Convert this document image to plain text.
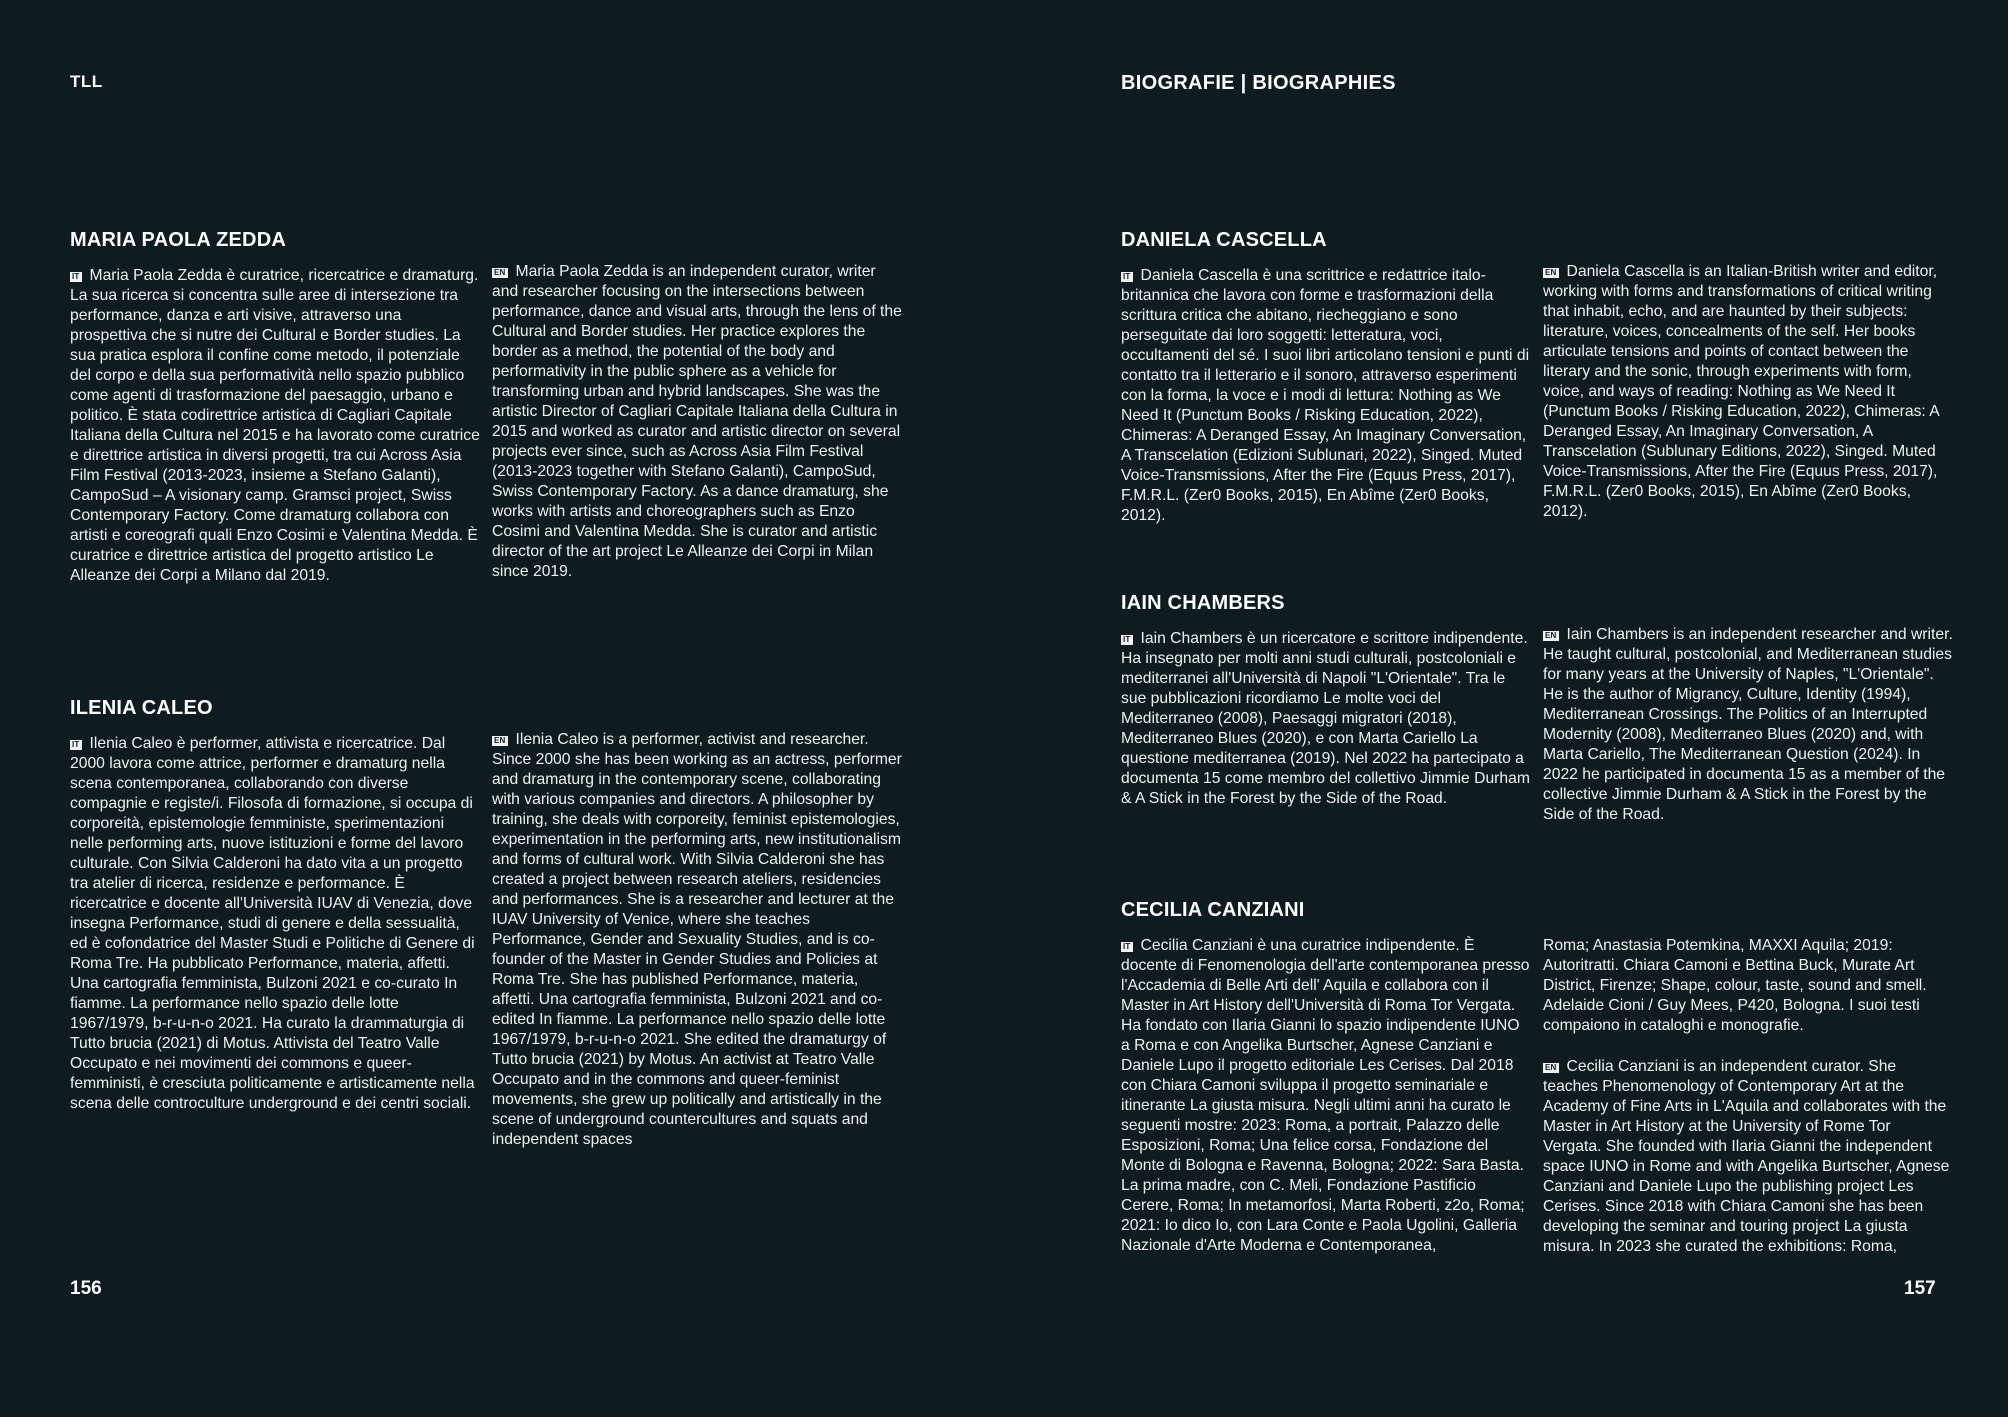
TLL	BIOGRAFIE | BIOGRAPHIES
MARIA PAOLA ZEDDA

IT Maria Paola Zedda è curatrice, ricercatrice e dramaturg. La sua ricerca si concentra sulle aree di intersezione tra performance, danza e arti visive, attraverso una prospettiva che si nutre dei Cultural e Border studies. La sua pratica esplora il confine come metodo, il potenziale del corpo e della sua performatività nello spazio pubblico come agenti di trasformazione del paesaggio, urbano e politico. È stata codirettrice artistica di Cagliari Capitale Italiana della Cultura nel 2015 e ha lavorato come curatrice e direttrice artistica in diversi progetti, tra cui Across Asia Film Festival (2013-2023, insieme a Stefano Galanti), CampoSud – A visionary camp. Gramsci project, Swiss Contemporary Factory. Come dramaturg collabora con artisti e coreografi quali Enzo Cosimi e Valentina Medda. È curatrice e direttrice artistica del progetto artistico Le Alleanze dei Corpi a Milano dal 2019.

EN Maria Paola Zedda is an independent curator, writer and researcher focusing on the intersections between performance, dance and visual arts, through the lens of the Cultural and Border studies. Her practice explores the border as a method, the potential of the body and performativity in the public sphere as a vehicle for transforming urban and hybrid landscapes. She was the artistic Director of Cagliari Capitale Italiana della Cultura in 2015 and worked as curator and artistic director on several projects ever since, such as Across Asia Film Festival (2013-2023 together with Stefano Galanti), CampoSud, Swiss Contemporary Factory. As a dance dramaturg, she works with artists and choreographers such as Enzo Cosimi and Valentina Medda. She is curator and artistic director of the art project Le Alleanze dei Corpi in Milan since 2019.

ILENIA CALEO

IT Ilenia Caleo è performer, attivista e ricercatrice. Dal 2000 lavora come attrice, performer e dramaturg nella scena contemporanea, collaborando con diverse compagnie e registe/i. Filosofa di formazione, si occupa di corporeità, epistemologie femministe, sperimentazioni nelle performing arts, nuove istituzioni e forme del lavoro culturale. Con Silvia Calderoni ha dato vita a un progetto tra atelier di ricerca, residenze e performance. È ricercatrice e docente all'Università IUAV di Venezia, dove insegna Performance, studi di genere e della sessualità, ed è cofondatrice del Master Studi e Politiche di Genere di Roma Tre. Ha pubblicato Performance, materia, affetti. Una cartografia femminista, Bulzoni 2021 e co-curato In fiamme. La performance nello spazio delle lotte 1967/1979, b-r-u-n-o 2021. Ha curato la drammaturgia di Tutto brucia (2021) di Motus. Attivista del Teatro Valle Occupato e nei movimenti dei commons e queer-femministi, è cresciuta politicamente e artisticamente nella scena delle controculture underground e dei centri sociali.

EN Ilenia Caleo is a performer, activist and researcher. Since 2000 she has been working as an actress, performer and dramaturg in the contemporary scene, collaborating with various companies and directors. A philosopher by training, she deals with corporeity, feminist epistemologies, experimentation in the performing arts, new institutionalism and forms of cultural work. With Silvia Calderoni she has created a project between research ateliers, residencies and performances. She is a researcher and lecturer at the IUAV University of Venice, where she teaches Performance, Gender and Sexuality Studies, and is co-founder of the Master in Gender Studies and Policies at Roma Tre. She has published Performance, materia, affetti. Una cartografia femminista, Bulzoni 2021 and co-edited In fiamme. La performance nello spazio delle lotte 1967/1979, b-r-u-n-o 2021. She edited the dramaturgy of Tutto brucia (2021) by Motus. An activist at Teatro Valle Occupato and in the commons and queer-feminist movements, she grew up politically and artistically in the scene of underground countercultures and squats and independent spaces

156
DANIELA CASCELLA

IT Daniela Cascella è una scrittrice e redattrice italo-britannica che lavora con forme e trasformazioni della scrittura critica che abitano, riecheggiano e sono perseguitate dai loro soggetti: letteratura, voci, occultamenti del sé. I suoi libri articolano tensioni e punti di contatto tra il letterario e il sonoro, attraverso esperimenti con la forma, la voce e i modi di lettura: Nothing as We Need It (Punctum Books / Risking Education, 2022), Chimeras: A Deranged Essay, An Imaginary Conversation, A Transcelation (Edizioni Sublunari, 2022), Singed. Muted Voice-Transmissions, After the Fire (Equus Press, 2017), F.M.R.L. (Zer0 Books, 2015), En Abîme (Zer0 Books, 2012).

EN Daniela Cascella is an Italian-British writer and editor, working with forms and transformations of critical writing that inhabit, echo, and are haunted by their subjects: literature, voices, concealments of the self. Her books articulate tensions and points of contact between the literary and the sonic, through experiments with form, voice, and ways of reading: Nothing as We Need It (Punctum Books / Risking Education, 2022), Chimeras: A Deranged Essay, An Imaginary Conversation, A Transcelation (Sublunary Editions, 2022), Singed. Muted Voice-Transmissions, After the Fire (Equus Press, 2017), F.M.R.L. (Zer0 Books, 2015), En Abîme (Zer0 Books, 2012).

IAIN CHAMBERS

IT Iain Chambers è un ricercatore e scrittore indipendente. Ha insegnato per molti anni studi culturali, postcoloniali e mediterranei all'Università di Napoli "L'Orientale". Tra le sue pubblicazioni ricordiamo Le molte voci del Mediterraneo (2008), Paesaggi migratori (2018), Mediterraneo Blues (2020), e con Marta Cariello La questione mediterranea (2019). Nel 2022 ha partecipato a documenta 15 come membro del collettivo Jimmie Durham & A Stick in the Forest by the Side of the Road.

EN Iain Chambers is an independent researcher and writer. He taught cultural, postcolonial, and Mediterranean studies for many years at the University of Naples, "L'Orientale". He is the author of Migrancy, Culture, Identity (1994), Mediterranean Crossings. The Politics of an Interrupted Modernity (2008), Mediterraneo Blues (2020) and, with Marta Cariello, The Mediterranean Question (2024). In 2022 he participated in documenta 15 as a member of the collective Jimmie Durham & A Stick in the Forest by the Side of the Road.

CECILIA CANZIANI

IT Cecilia Canziani è una curatrice indipendente. È docente di Fenomenologia dell'arte contemporanea presso l'Accademia di Belle Arti dell' Aquila e collabora con il Master in Art History dell'Università di Roma Tor Vergata. Ha fondato con Ilaria Gianni lo spazio indipendente IUNO a Roma e con Angelika Burtscher, Agnese Canziani e Daniele Lupo il progetto editoriale Les Cerises. Dal 2018 con Chiara Camoni sviluppa il progetto seminariale e itinerante La giusta misura. Negli ultimi anni ha curato le seguenti mostre: 2023: Roma, a portrait, Palazzo delle Esposizioni, Roma; Una felice corsa, Fondazione del Monte di Bologna e Ravenna, Bologna; 2022: Sara Basta. La prima madre, con C. Meli, Fondazione Pastificio Cerere, Roma; In metamorfosi, Marta Roberti, z2o, Roma; 2021: Io dico Io, con Lara Conte e Paola Ugolini, Galleria Nazionale d'Arte Moderna e Contemporanea,

Roma; Anastasia Potemkina, MAXXI Aquila; 2019: Autoritratti. Chiara Camoni e Bettina Buck, Murate Art District, Firenze; Shape, colour, taste, sound and smell. Adelaide Cioni / Guy Mees, P420, Bologna. I suoi testi compaiono in cataloghi e monografie.

EN Cecilia Canziani is an independent curator. She teaches Phenomenology of Contemporary Art at the Academy of Fine Arts in L'Aquila and collaborates with the Master in Art History at the University of Rome Tor Vergata. She founded with Ilaria Gianni the independent space IUNO in Rome and with Angelika Burtscher, Agnese Canziani and Daniele Lupo the publishing project Les Cerises. Since 2018 with Chiara Camoni she has been developing the seminar and touring project La giusta misura. In 2023 she curated the exhibitions: Roma,

157
